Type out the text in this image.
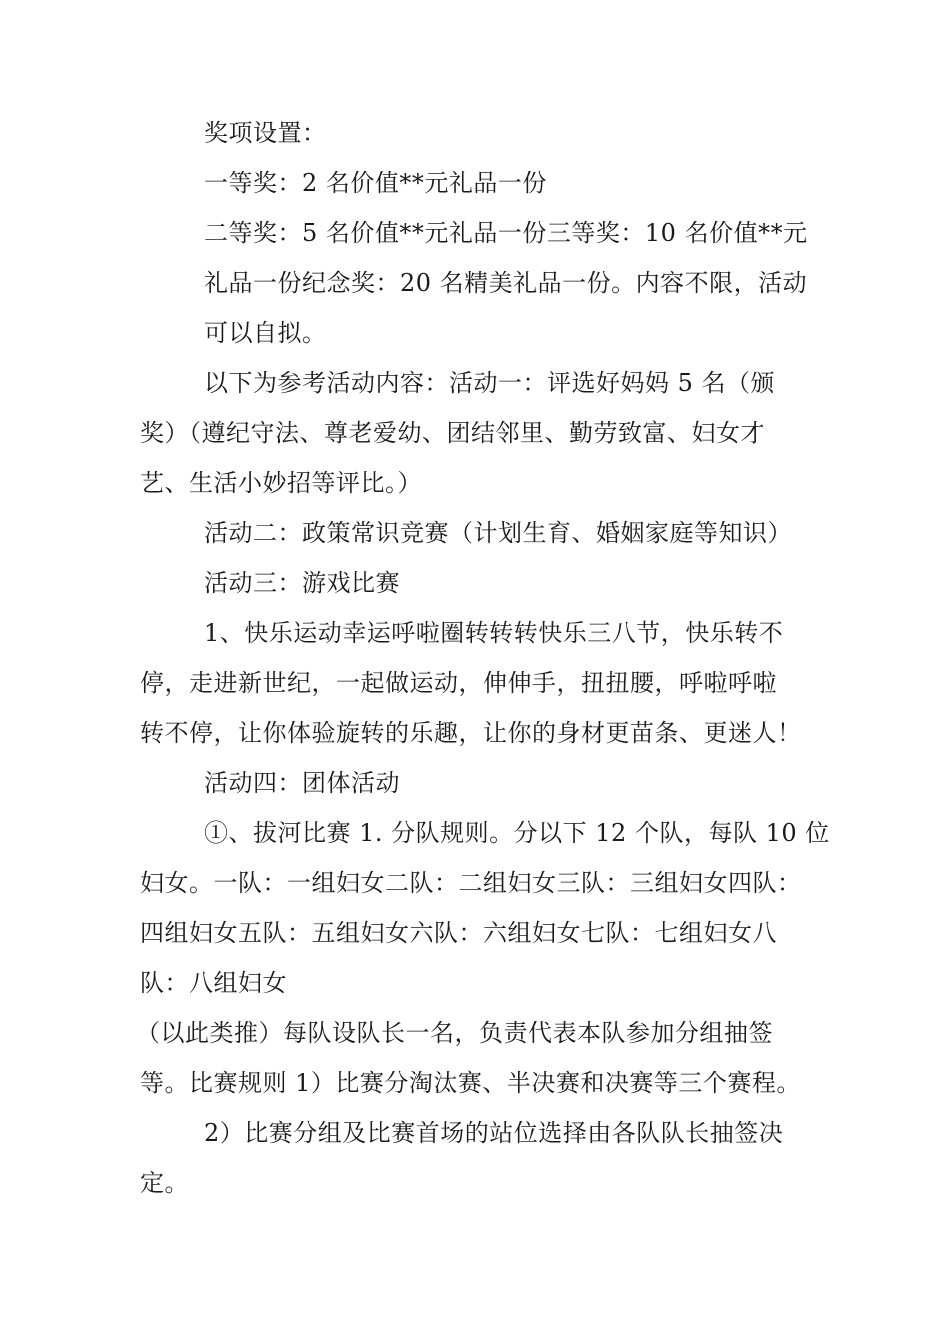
奖项设置：
一等奖：2 名价值**元礼品一份
二等奖：5 名价值**元礼品一份三等奖：10 名价值**元
礼品一份纪念奖：20 名精美礼品一份。内容不限，活动
可以自拟。
以下为参考活动内容：活动一：评选好妈妈 5 名（颁
奖）（遵纪守法、尊老爱幼、团结邻里、勤劳致富、妇女才
艺、生活小妙招等评比。）
活动二：政策常识竞赛（计划生育、婚姻家庭等知识）
活动三：游戏比赛
1、快乐运动幸运呼啦圈转转转快乐三八节，快乐转不
停，走进新世纪，一起做运动，伸伸手，扭扭腰，呼啦呼啦
转不停，让你体验旋转的乐趣，让你的身材更苗条、更迷人！
活动四：团体活动
①、拔河比赛 1. 分队规则。分以下 12 个队，每队 10 位
妇女。一队：一组妇女二队：二组妇女三队：三组妇女四队：
四组妇女五队：五组妇女六队：六组妇女七队：七组妇女八
队：八组妇女
（以此类推）每队设队长一名，负责代表本队参加分组抽签
等。比赛规则 1）比赛分淘汰赛、半决赛和决赛等三个赛程。
2）比赛分组及比赛首场的站位选择由各队队长抽签决
定。
